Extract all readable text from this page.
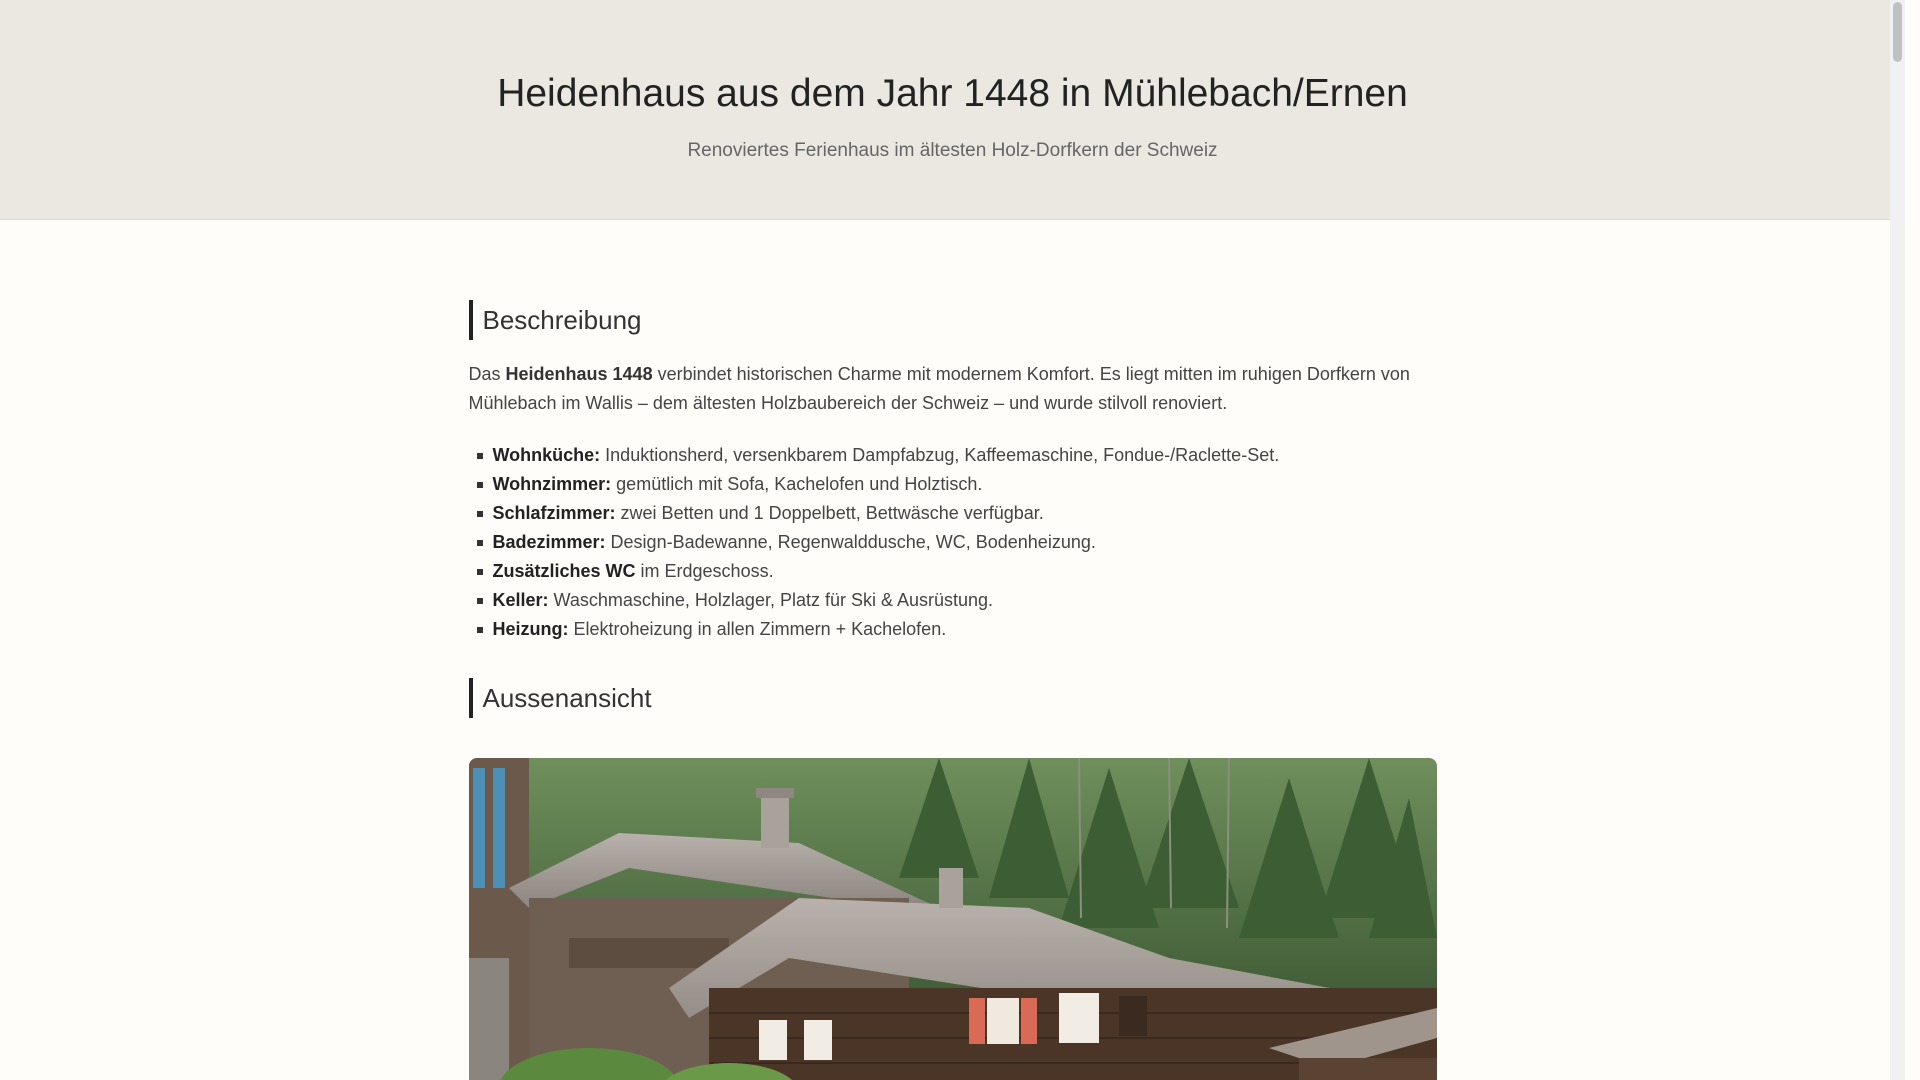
Heidenhaus aus dem Jahr 1448 in Mühlebach/Ernen
Renoviertes Ferienhaus im ältesten Holz-Dorfkern der Schweiz
Beschreibung

Das Heidenhaus 1448 verbindet historischen Charme mit modernem Komfort. Es liegt mitten im ruhigen Dorfkern von Mühlebach im Wallis – dem ältesten Holzbaubereich der Schweiz – und wurde stilvoll renoviert.

Wohnküche: Induktionsherd, versenkbarem Dampfabzug, Kaffeemaschine, Fondue-/Raclette-Set.
Wohnzimmer: gemütlich mit Sofa, Kachelofen und Holztisch.
Schlafzimmer: zwei Betten und 1 Doppelbett, Bettwäsche verfügbar.
Badezimmer: Design-Badewanne, Regenwalddusche, WC, Bodenheizung.
Zusätzliches WC im Erdgeschoss.
Keller: Waschmaschine, Holzlager, Platz für Ski & Ausrüstung.
Heizung: Elektroheizung in allen Zimmern + Kachelofen.
Aussenansicht
